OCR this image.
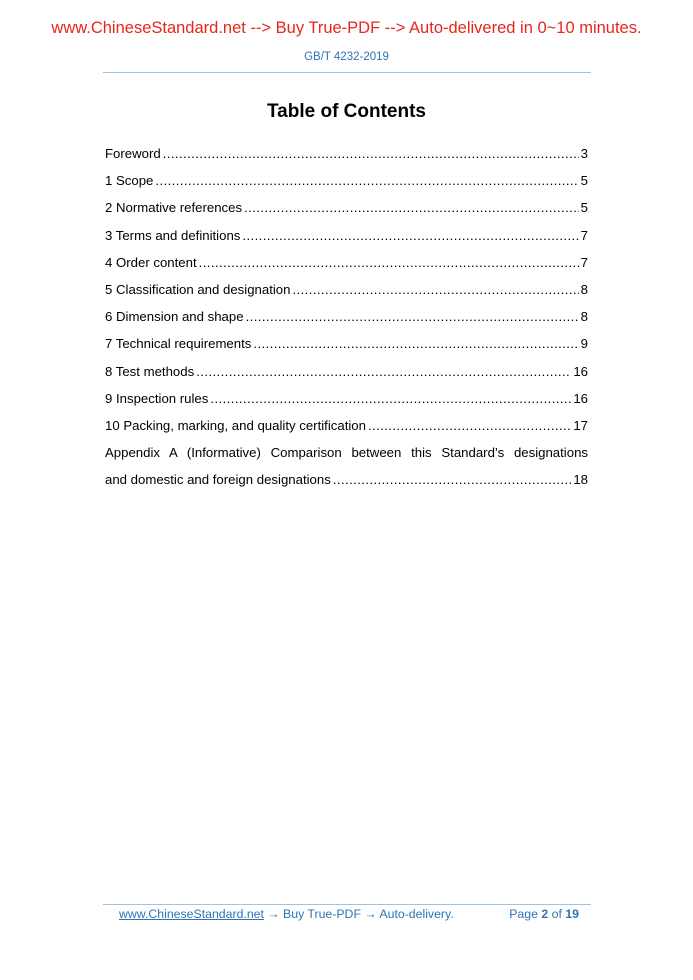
www.ChineseStandard.net --> Buy True-PDF --> Auto-delivered in 0~10 minutes.
GB/T 4232-2019
Table of Contents
Foreword .....	3
1 Scope .....	5
2 Normative references .....	5
3 Terms and definitions .....	7
4 Order content .....	7
5 Classification and designation .....	8
6 Dimension and shape .....	8
7 Technical requirements .....	9
8 Test methods .....	16
9 Inspection rules .....	16
10 Packing, marking, and quality certification .....	17
Appendix A (Informative) Comparison between this Standard’s designations
and domestic and foreign designations .....	18
www.ChineseStandard.net → Buy True-PDF → Auto-delivery.	Page 2 of 19
